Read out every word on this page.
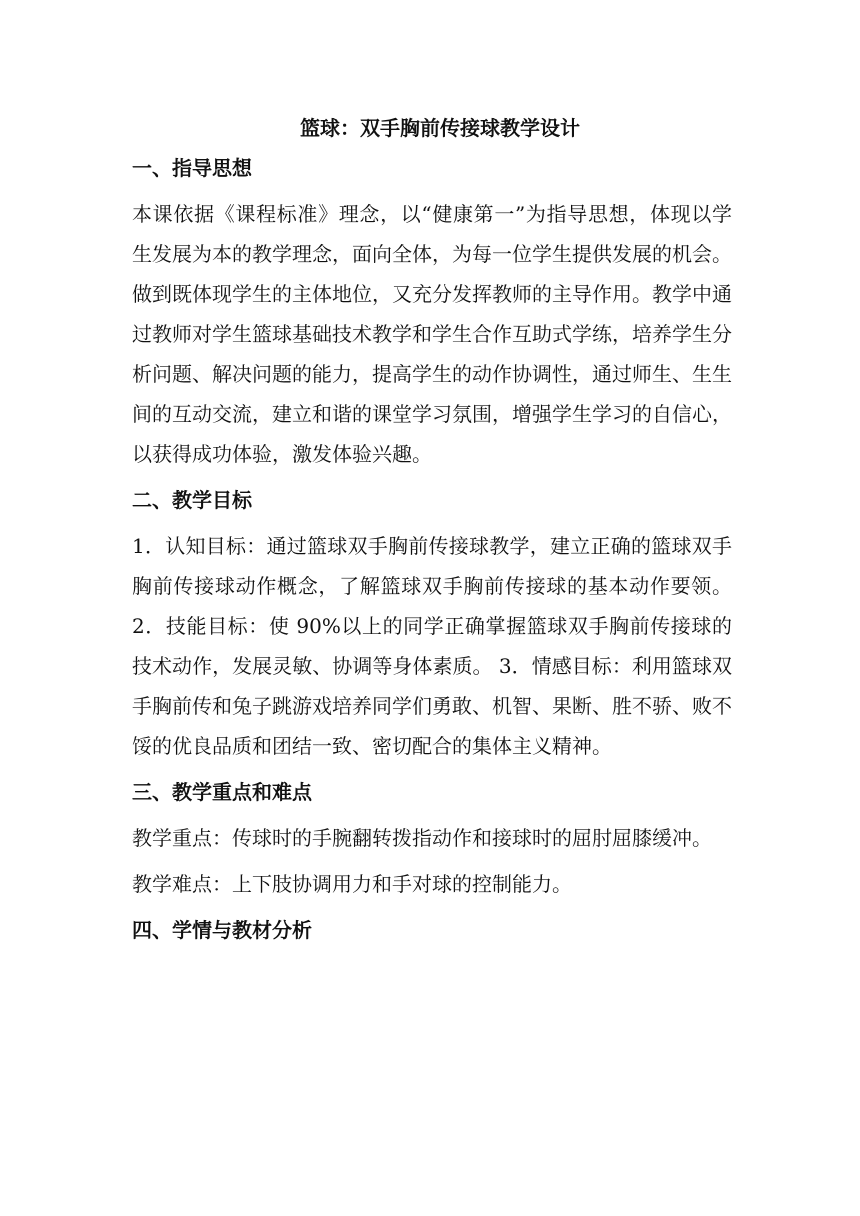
篮球：双手胸前传接球教学设计
一、指导思想

本课依据《课程标准》理念，以“健康第一”为指导思想，体现以学生发展为本的教学理念，面向全体，为每一位学生提供发展的机会。做到既体现学生的主体地位，又充分发挥教师的主导作用。教学中通过教师对学生篮球基础技术教学和学生合作互助式学练，培养学生分析问题、解决问题的能力，提高学生的动作协调性，通过师生、生生间的互动交流，建立和谐的课堂学习氛围，增强学生学习的自信心，以获得成功体验，激发体验兴趣。

二、教学目标

1．认知目标：通过篮球双手胸前传接球教学，建立正确的篮球双手胸前传接球动作概念，了解篮球双手胸前传接球的基本动作要领。 2．技能目标：使 90%以上的同学正确掌握篮球双手胸前传接球的技术动作，发展灵敏、协调等身体素质。 3．情感目标：利用篮球双手胸前传和兔子跳游戏培养同学们勇敢、机智、果断、胜不骄、败不馁的优良品质和团结一致、密切配合的集体主义精神。

三、教学重点和难点

教学重点：传球时的手腕翻转拨指动作和接球时的屈肘屈膝缓冲。

教学难点：上下肢协调用力和手对球的控制能力。

四、学情与教材分析
